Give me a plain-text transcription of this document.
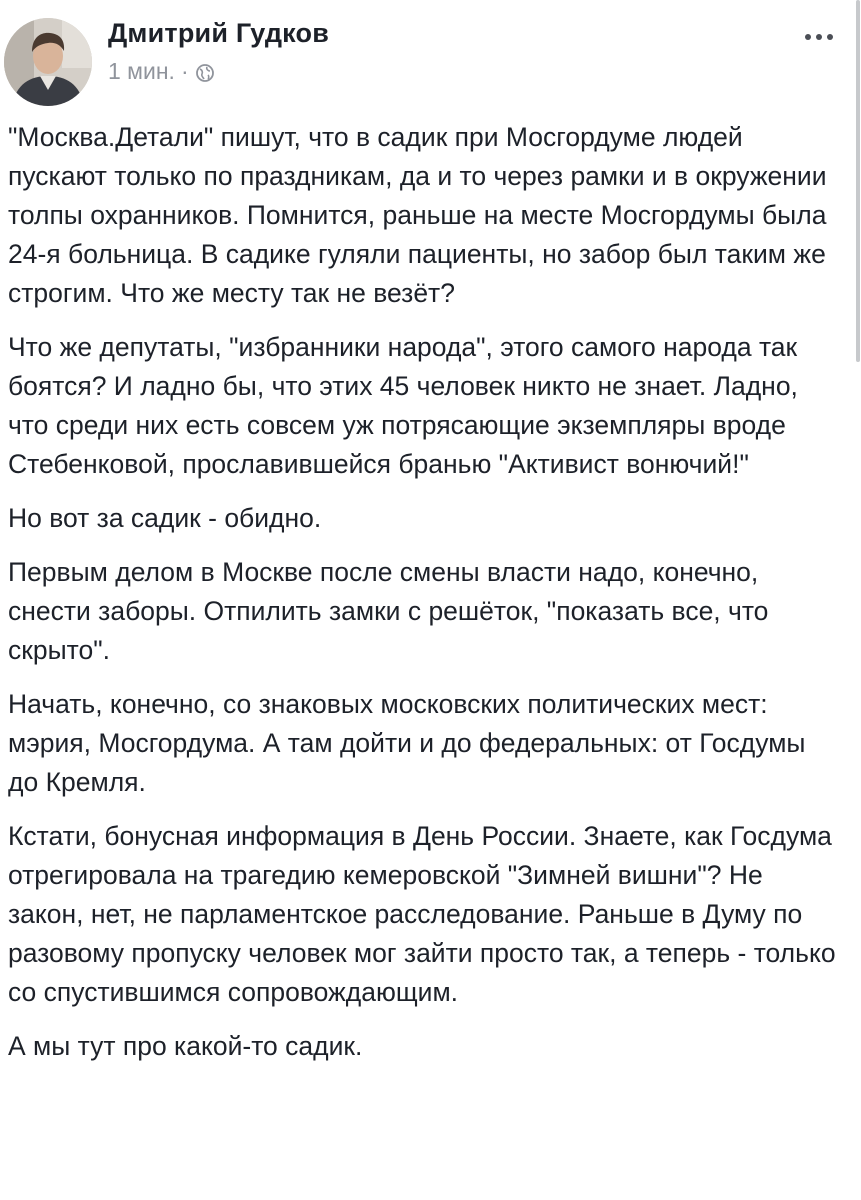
Дмитрий Гудков
1 мин. ·

"Москва.Детали" пишут, что в садик при Мосгордуме людей пускают только по праздникам, да и то через рамки и в окружении толпы охранников. Помнится, раньше на месте Мосгордумы была 24-я больница. В садике гуляли пациенты, но забор был таким же строгим. Что же месту так не везёт?

Что же депутаты, "избранники народа", этого самого народа так боятся? И ладно бы, что этих 45 человек никто не знает. Ладно, что среди них есть совсем уж потрясающие экземпляры вроде Стебенковой, прославившейся бранью "Активист вонючий!"

Но вот за садик - обидно.

Первым делом в Москве после смены власти надо, конечно, снести заборы. Отпилить замки с решёток, "показать все, что скрыто".

Начать, конечно, со знаковых московских политических мест: мэрия, Мосгордума. А там дойти и до федеральных: от Госдумы до Кремля.

Кстати, бонусная информация в День России. Знаете, как Госдума отрегировала на трагедию кемеровской "Зимней вишни"? Не закон, нет, не парламентское расследование. Раньше в Думу по разовому пропуску человек мог зайти просто так, а теперь - только со спустившимся сопровождающим.

А мы тут про какой-то садик.
